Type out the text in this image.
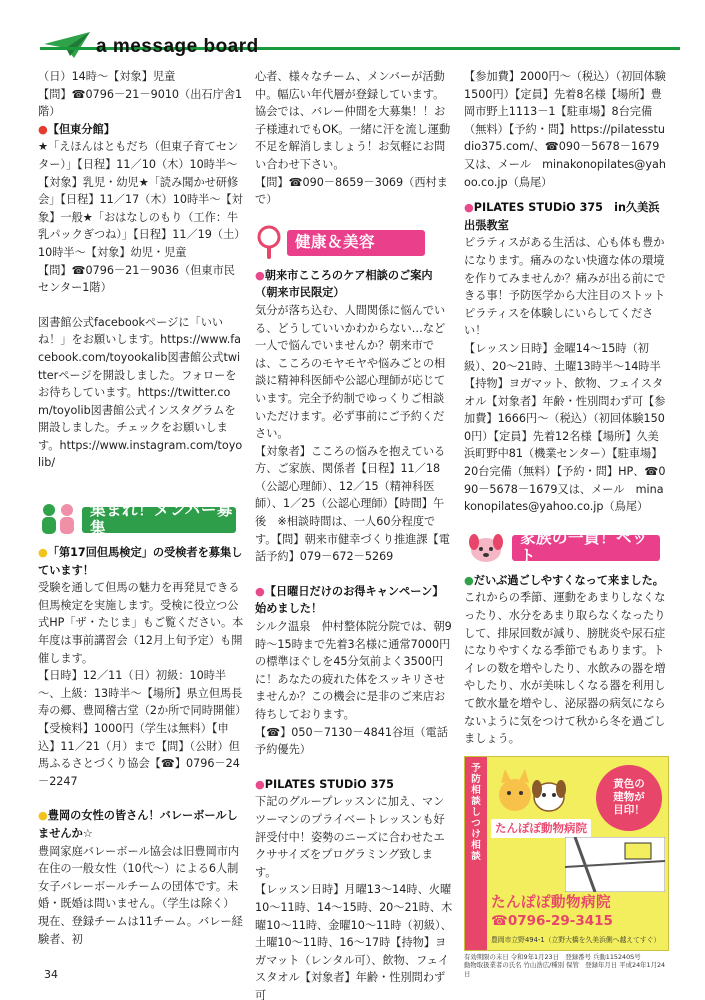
a message board
（日）14時～【対象】児童
【問】☎0796－21－9010（出石庁舎1階）
●【但東分館】
★「えほんはともだち（但東子育てセンター）」【日程】11／10（木）10時半～【対象】乳児・幼児★「読み聞かせ研修会」【日程】11／17（木）10時半～【対象】一般★「おはなしのもり（工作：牛乳パックぎつね）」【日程】11／19（土）10時半～【対象】幼児・児童
【問】☎0796－21－9036（但東市民センター1階）
図書館公式facebookページに「いいね！」をお願いします。https://www.facebook.com/toyookalib図書館公式twitterページを開設しました。フォローをお待ちしています。https://twitter.com/toyolib図書館公式インスタグラムを開設しました。チェックをお願いします。https://www.instagram.com/toyolib/
集まれ！メンバー募集
●「第17回但馬検定」の受検者を募集しています！
受験を通して但馬の魅力を再発見できる但馬検定を実施します。受検に役立つ公式HP「ザ・たじま」もご覧ください。本年度は事前講習会（12月上旬予定）も開催します。
【日時】12／11（日）初級：10時半～、上級：13時半～【場所】県立但馬長寿の郷、豊岡稽古堂（2か所で同時開催）【受検料】1000円（学生は無料）【申込】11／21（月）まで【問】（公財）但馬ふるさとづくり協会【☎】0796－24－2247
●豊岡の女性の皆さん！バレーボールしませんか☆
豊岡家庭バレーボール協会は旧豊岡市内在住の一般女性（10代～）による6人制女子バレーボールチームの団体です。未婚・既婚は問いません。（学生は除く）現在、登録チームは11チーム。バレー経験者、初
心者、様々なチーム、メンバーが活動中。幅広い年代層が登録しています。協会では、バレー仲間を大募集！！お子様連れでもOK。一緒に汗を流し運動不足を解消しましょう！お気軽にお問い合わせ下さい。
【問】☎090－8659－3069（西村まで）
健康＆美容
●朝来市こころのケア相談のご案内（朝来市民限定）
気分が落ち込む、人間関係に悩んでいる、どうしていいかわからない…など一人で悩んでいませんか？朝来市では、こころのモヤモヤや悩みごとの相談に精神科医師や公認心理師が応じています。完全予約制でゆっくりご相談いただけます。必ず事前にご予約ください。
【対象者】こころの悩みを抱えている方、ご家族、関係者【日程】11／18（公認心理師）、12／15（精神科医師）、1／25（公認心理師）【時間】午後　※相談時間は、一人60分程度です。【問】朝来市健幸づくり推進課【電話予約】079－672－5269
●【日曜日だけのお得キャンペーン】始めました！
シルク温泉　仲村整体院分院では、朝9時～15時まで先着3名様に通常7000円の標準ほぐしを45分気前よく3500円に！あなたの疲れた体をスッキリさせませんか？この機会に是非のご来店お待ちしております。
【☎】050－7130－4841谷垣（電話予約優先）
●PILATES STUDiO 375
下記のグループレッスンに加え、マンツーマンのプライベートレッスンも好評受付中！姿勢のニーズに合わせたエクササイズをプログラミング致します。
【レッスン日時】月曜13～14時、火曜10～11時、14～15時、20～21時、木曜10～11時、金曜10～11時（初級）、土曜10～11時、16～17時【持物】ヨガマット（レンタル可）、飲物、フェイスタオル【対象者】年齢・性別問わず可
【参加費】2000円～（税込）（初回体験1500円）【定員】先着8名様【場所】豊岡市野上1113－1【駐車場】8台完備（無料）【予約・問】https://pilatesstudio375.com/、☎090－5678－1679又は、メール　minakonopilates@yahoo.co.jp（鳥尾）
●PILATES STUDiO 375　in久美浜出張教室
ピラティスがある生活は、心も体も豊かになります。痛みのない快適な体の環境を作りてみませんか？痛みが出る前にできる事！予防医学から大注目のストットピラティスを体験しにいらしてください！
【レッスン日時】金曜14～15時（初級）、20～21時、土曜13時半～14時半【持物】ヨガマット、飲物、フェイスタオル【対象者】年齢・性別問わず可【参加費】1666円～（税込）（初回体験1500円）【定員】先着12名様【場所】久美浜町野中81（機業センター）【駐車場】20台完備（無料）【予約・問】HP、☎090－5678－1679又は、メール　minakonopilates@yahoo.co.jp（鳥尾）
家族の一員！ペット
●だいぶ過ごしやすくなって来ました。
これからの季節、運動をあまりしなくなったり、水分をあまり取らなくなったりして、排尿回数が減り、膀胱炎や尿石症になりやすくなる季節でもあります。トイレの数を増やしたり、水飲みの器を増やしたり、水が美味しくなる器を利用して飲水量を増やし、泌尿器の病気にならないように気をつけて秋から冬を過ごしましょう。
予防相談しつけ相談
たんぽぽ動物病院
黄色の
建物が
目印！
たんぽぽ動物病院
☎0796-29-3415
豊岡市立野494-1（立野大橋を久美浜側へ越えてすぐ）
有効期限の末日 令和9年1月23日　登録番号 兵動115240S号
動物取扱業者の氏名 竹山浩広/種別 保管　登録年月日 平成24年1月24日
34
